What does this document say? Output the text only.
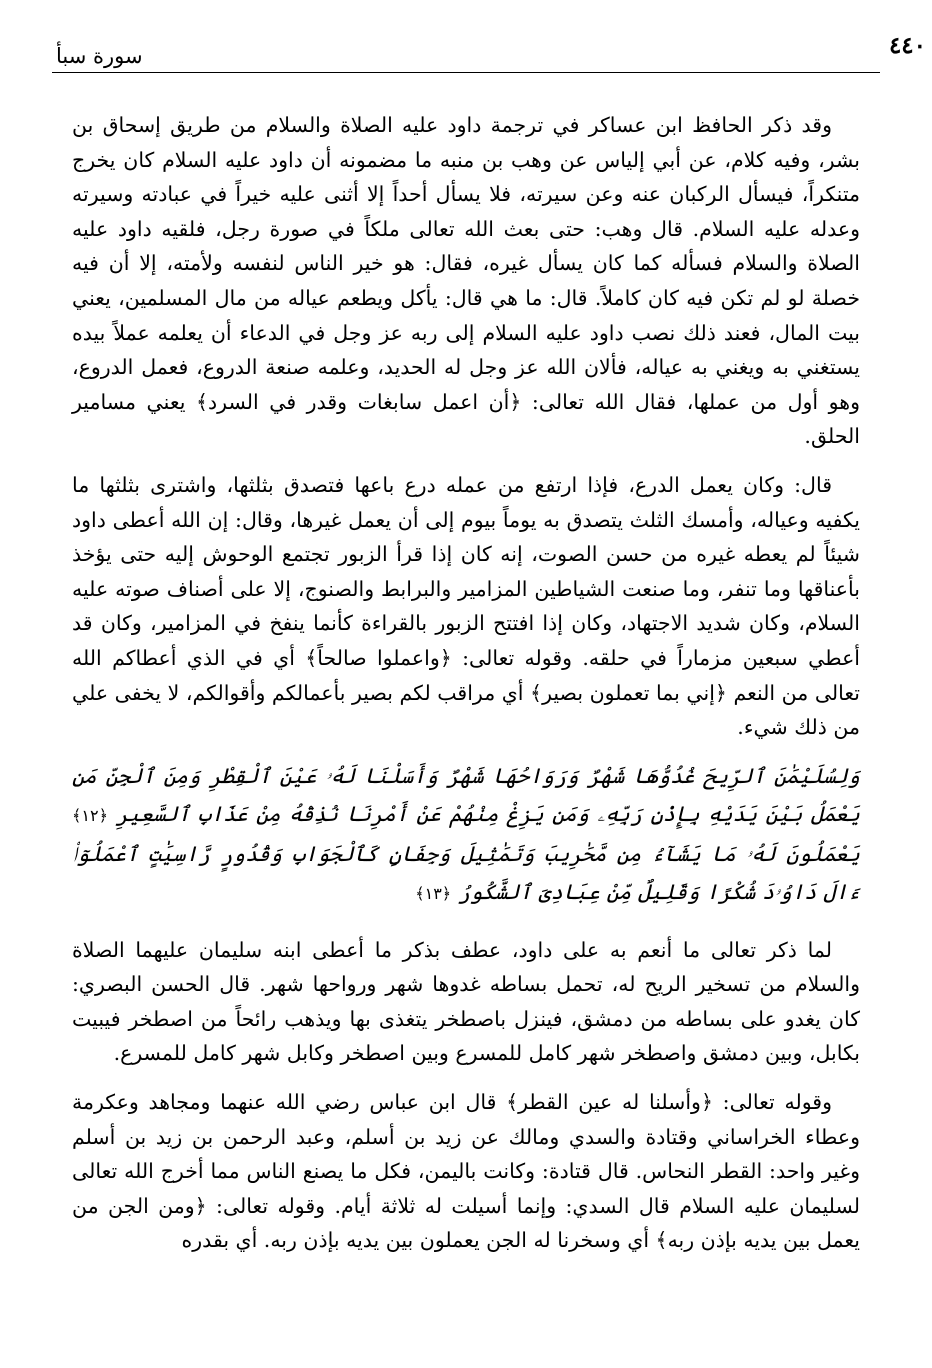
سورة سبأ	٤٤٠

وقد ذكر الحافظ ابن عساكر في ترجمة داود عليه الصلاة والسلام من طريق إسحاق بن بشر، وفيه كلام، عن أبي إلياس عن وهب بن منبه ما مضمونه أن داود عليه السلام كان يخرج متنكراً، فيسأل الركبان عنه وعن سيرته، فلا يسأل أحداً إلا أثنى عليه خيراً في عبادته وسيرته وعدله عليه السلام. قال وهب: حتى بعث الله تعالى ملكاً في صورة رجل، فلقيه داود عليه الصلاة والسلام فسأله كما كان يسأل غيره، فقال: هو خير الناس لنفسه ولأمته، إلا أن فيه خصلة لو لم تكن فيه كان كاملاً. قال: ما هي قال: يأكل ويطعم عياله من مال المسلمين، يعني بيت المال، فعند ذلك نصب داود عليه السلام إلى ربه عز وجل في الدعاء أن يعلمه عملاً بيده يستغني به ويغني به عياله، فألان الله عز وجل له الحديد، وعلمه صنعة الدروع، فعمل الدروع، وهو أول من عملها، فقال الله تعالى: ﴿أن اعمل سابغات وقدر في السرد﴾ يعني مسامير الحلق.

قال: وكان يعمل الدرع، فإذا ارتفع من عمله درع باعها فتصدق بثلثها، واشترى بثلثها ما يكفيه وعياله، وأمسك الثلث يتصدق به يوماً بيوم إلى أن يعمل غيرها، وقال: إن الله أعطى داود شيئاً لم يعطه غيره من حسن الصوت، إنه كان إذا قرأ الزبور تجتمع الوحوش إليه حتى يؤخذ بأعناقها وما تنفر، وما صنعت الشياطين المزامير والبرابط والصنوج، إلا على أصناف صوته عليه السلام، وكان شديد الاجتهاد، وكان إذا افتتح الزبور بالقراءة كأنما ينفخ في المزامير، وكان قد أعطي سبعين مزماراً في حلقه. وقوله تعالى: ﴿واعملوا صالحاً﴾ أي في الذي أعطاكم الله تعالى من النعم ﴿إني بما تعملون بصير﴾ أي مراقب لكم بصير بأعمالكم وأقوالكم، لا يخفى علي من ذلك شيء.

وَلِسُلَيْمَٰنَ ٱلرِّيحَ غُدُوُّهَا شَهْرٌ وَرَوَاحُهَا شَهْرٌ وَأَسَلْنَا لَهُۥ عَيْنَ ٱلْقِطْرِ وَمِنَ ٱلْجِنِّ مَن يَعْمَلُ بَيْنَ يَدَيْهِ بِإِذْنِ رَبِّهِۦ وَمَن يَزِغْ مِنْهُمْ عَنْ أَمْرِنَا نُذِقْهُ مِنْ عَذَابِ ٱلسَّعِيرِ ﴿١٢﴾ يَعْمَلُونَ لَهُۥ مَا يَشَآءُ مِن مَّحَٰرِيبَ وَتَمَٰثِيلَ وَجِفَانٍ كَٱلْجَوَابِ وَقُدُورٍ رَّاسِيَٰتٍ ٱعْمَلُوٓا۟ ءَالَ دَاوُۥدَ شُكْرًا وَقَلِيلٌ مِّنْ عِبَادِىَ ٱلشَّكُورُ ﴿١٣﴾

لما ذكر تعالى ما أنعم به على داود، عطف بذكر ما أعطى ابنه سليمان عليهما الصلاة والسلام من تسخير الريح له، تحمل بساطه غدوها شهر ورواحها شهر. قال الحسن البصري: كان يغدو على بساطه من دمشق، فينزل باصطخر يتغذى بها ويذهب رائحاً من اصطخر فيبيت بكابل، وبين دمشق واصطخر شهر كامل للمسرع وبين اصطخر وكابل شهر كامل للمسرع.

وقوله تعالى: ﴿وأسلنا له عين القطر﴾ قال ابن عباس رضي الله عنهما ومجاهد وعكرمة وعطاء الخراساني وقتادة والسدي ومالك عن زيد بن أسلم، وعبد الرحمن بن زيد بن أسلم وغير واحد: القطر النحاس. قال قتادة: وكانت باليمن، فكل ما يصنع الناس مما أخرج الله تعالى لسليمان عليه السلام قال السدي: وإنما أسيلت له ثلاثة أيام. وقوله تعالى: ﴿ومن الجن من يعمل بين يديه بإذن ربه﴾ أي وسخرنا له الجن يعملون بين يديه بإذن ربه. أي بقدره
